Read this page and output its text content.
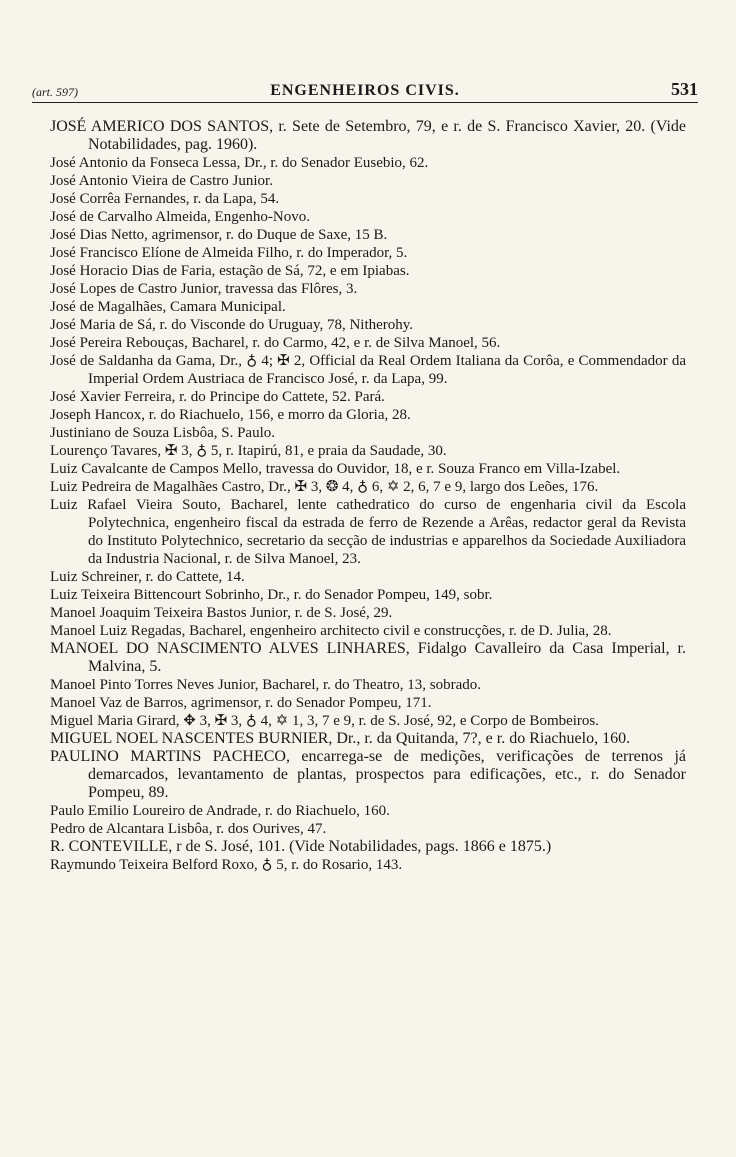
(art. 597)	ENGENHEIROS CIVIS.	531
JOSÉ AMERICO DOS SANTOS, r. Sete de Setembro, 79, e r. de S. Francisco Xavier, 20. (Vide Notabilidades, pag. 1960).
José Antonio da Fonseca Lessa, Dr., r. do Senador Eusebio, 62.
José Antonio Vieira de Castro Junior.
José Corrêa Fernandes, r. da Lapa, 54.
José de Carvalho Almeida, Engenho-Novo.
José Dias Netto, agrimensor, r. do Duque de Saxe, 15 B.
José Francisco Elíone de Almeida Filho, r. do Imperador, 5.
José Horacio Dias de Faria, estação de Sá, 72, e em Ipiabas.
José Lopes de Castro Junior, travessa das Flôres, 3.
José de Magalhães, Camara Municipal.
José Maria de Sá, r. do Visconde do Uruguay, 78, Nitherohy.
José Pereira Rebouças, Bacharel, r. do Carmo, 42, e r. de Silva Manoel, 56.
José de Saldanha da Gama, Dr., ♁ 4; ✠ 2, Official da Real Ordem Italiana da Corôa, e Commendador da Imperial Ordem Austriaca de Francisco José, r. da Lapa, 99.
José Xavier Ferreira, r. do Principe do Cattete, 52. Pará.
Joseph Hancox, r. do Riachuelo, 156, e morro da Gloria, 28.
Justiniano de Souza Lisbôa, S. Paulo.
Lourenço Tavares, ✠ 3, ♁ 5, r. Itapirú, 81, e praia da Saudade, 30.
Luiz Cavalcante de Campos Mello, travessa do Ouvidor, 18, e r. Souza Franco em Villa-Izabel.
Luiz Pedreira de Magalhães Castro, Dr., ✠ 3, ❂ 4, ♁ 6, ✡ 2, 6, 7 e 9, largo dos Leões, 176.
Luiz Rafael Vieira Souto, Bacharel, lente cathedratico do curso de engenharia civil da Escola Polytechnica, engenheiro fiscal da estrada de ferro de Rezende a Arêas, redactor geral da Revista do Instituto Polytechnico, secretario da secção de industrias e apparelhos da Sociedade Auxiliadora da Industria Nacional, r. de Silva Manoel, 23.
Luiz Schreiner, r. do Cattete, 14.
Luiz Teixeira Bittencourt Sobrinho, Dr., r. do Senador Pompeu, 149, sobr.
Manoel Joaquim Teixeira Bastos Junior, r. de S. José, 29.
Manoel Luiz Regadas, Bacharel, engenheiro architecto civil e construcções, r. de D. Julia, 28.
MANOEL DO NASCIMENTO ALVES LINHARES, Fidalgo Cavalleiro da Casa Imperial, r. Malvina, 5.
Manoel Pinto Torres Neves Junior, Bacharel, r. do Theatro, 13, sobrado.
Manoel Vaz de Barros, agrimensor, r. do Senador Pompeu, 171.
Miguel Maria Girard, ✥ 3, ✠ 3, ♁ 4, ✡ 1, 3, 7 e 9, r. de S. José, 92, e Corpo de Bombeiros.
MIGUEL NOEL NASCENTES BURNIER, Dr., r. da Quitanda, 7?, e r. do Riachuelo, 160.
PAULINO MARTINS PACHECO, encarrega-se de medições, verificações de terrenos já demarcados, levantamento de plantas, prospectos para edificações, etc., r. do Senador Pompeu, 89.
Paulo Emilio Loureiro de Andrade, r. do Riachuelo, 160.
Pedro de Alcantara Lisbôa, r. dos Ourives, 47.
R. CONTEVILLE, r de S. José, 101. (Vide Notabilidades, pags. 1866 e 1875.)
Raymundo Teixeira Belford Roxo, ♁ 5, r. do Rosario, 143.
